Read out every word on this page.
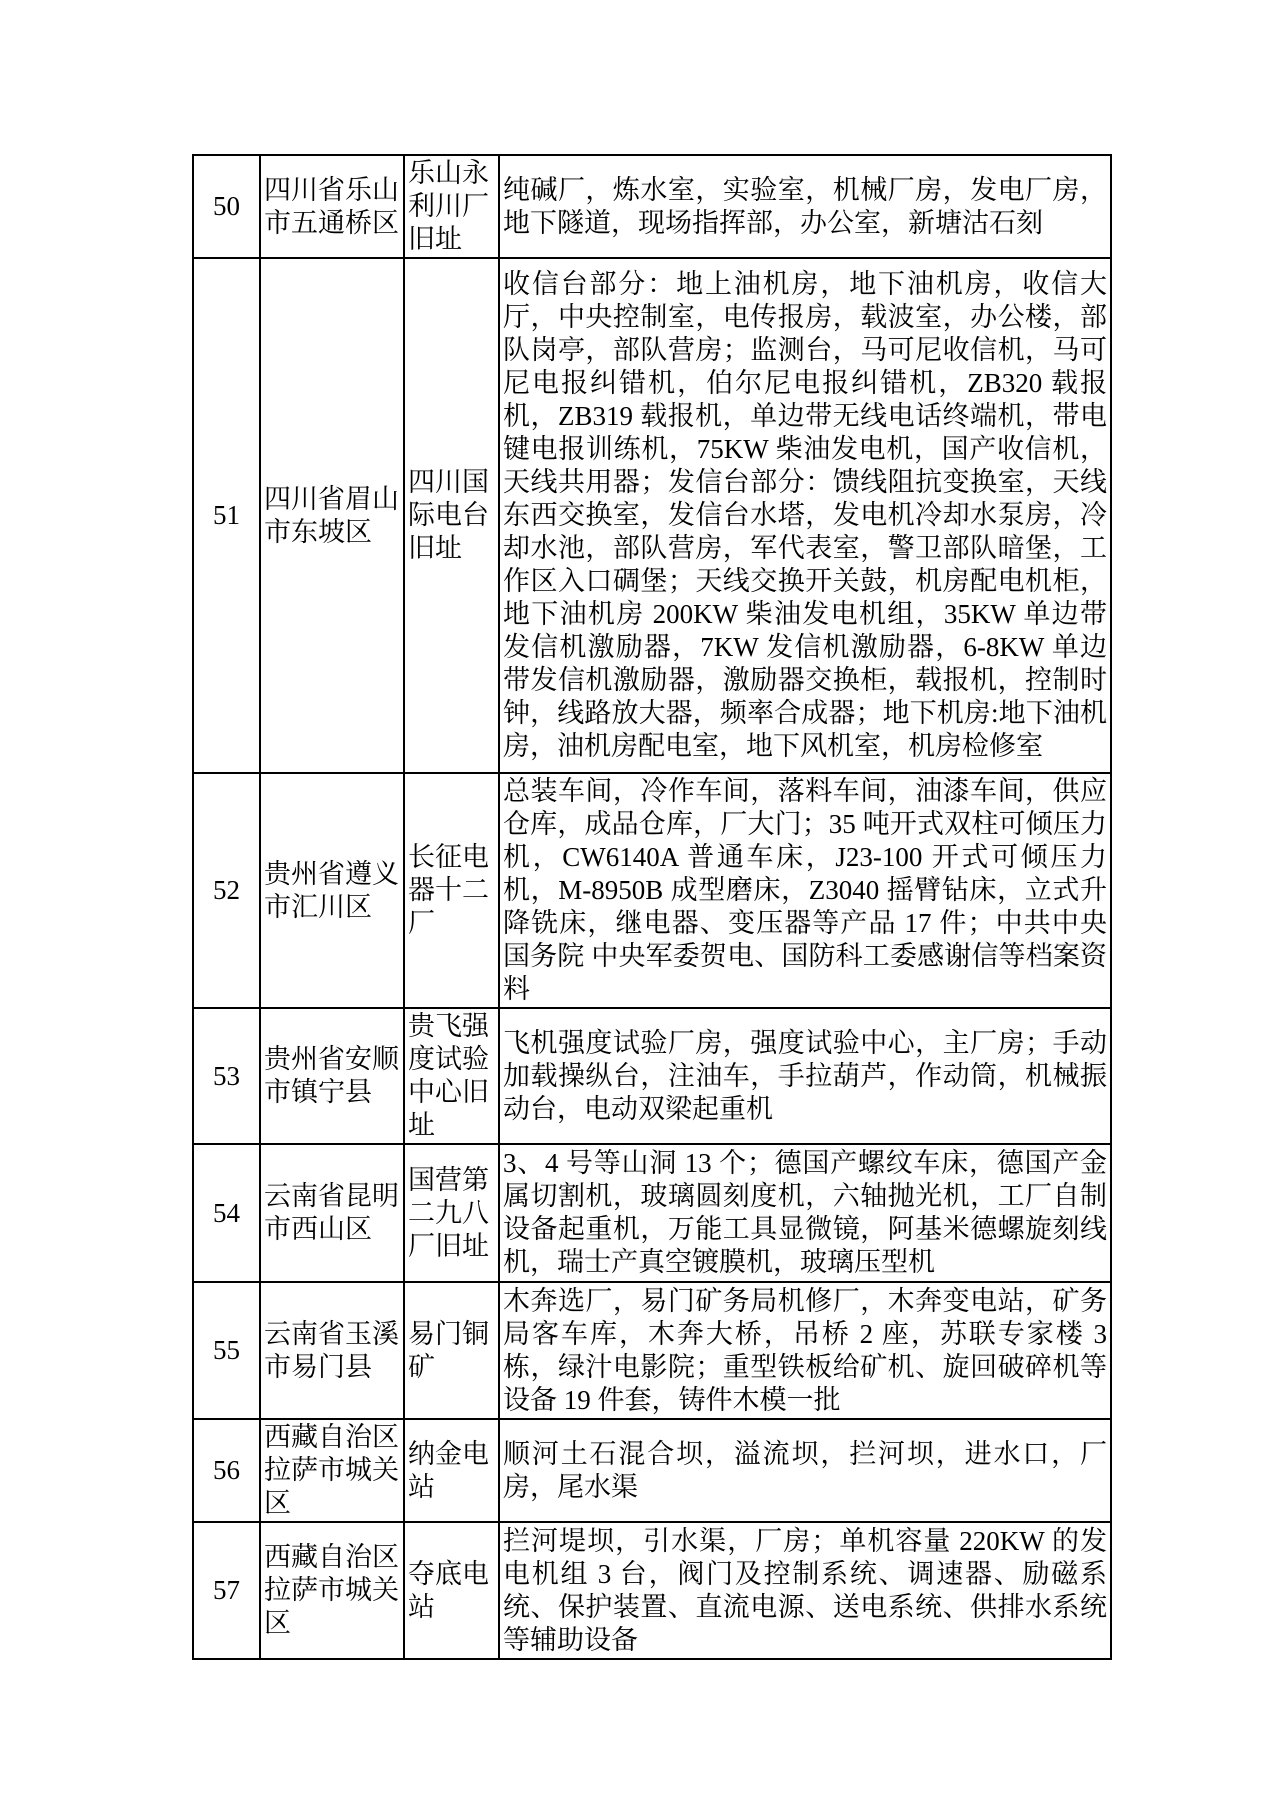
50	四川省乐山市五通桥区	乐山永利川厂旧址	纯碱厂，炼水室，实验室，机械厂房，发电厂房，地下隧道，现场指挥部，办公室，新塘沽石刻
51	四川省眉山市东坡区	四川国际电台旧址	收信台部分：地上油机房，地下油机房，收信大厅，中央控制室，电传报房，载波室，办公楼，部队岗亭，部队营房；监测台，马可尼收信机，马可尼电报纠错机，伯尔尼电报纠错机，ZB320 载报机，ZB319 载报机，单边带无线电话终端机，带电键电报训练机，75KW 柴油发电机，国产收信机，天线共用器；发信台部分：馈线阻抗变换室，天线东西交换室，发信台水塔，发电机冷却水泵房，冷却水池，部队营房，军代表室，警卫部队暗堡，工作区入口碉堡；天线交换开关鼓，机房配电机柜，地下油机房 200KW 柴油发电机组，35KW 单边带发信机激励器，7KW 发信机激励器，6-8KW 单边带发信机激励器，激励器交换柜，载报机，控制时钟，线路放大器，频率合成器；地下机房:地下油机房，油机房配电室，地下风机室，机房检修室
52	贵州省遵义市汇川区	长征电器十二厂	总装车间，冷作车间，落料车间，油漆车间，供应仓库，成品仓库，厂大门；35 吨开式双柱可倾压力机，CW6140A 普通车床，J23-100 开式可倾压力机，M-8950B 成型磨床，Z3040 摇臂钻床，立式升降铣床，继电器、变压器等产品 17 件；中共中央 国务院 中央军委贺电、国防科工委感谢信等档案资料
53	贵州省安顺市镇宁县	贵飞强度试验中心旧址	飞机强度试验厂房，强度试验中心，主厂房；手动加载操纵台，注油车，手拉葫芦，作动筒，机械振动台，电动双梁起重机
54	云南省昆明市西山区	国营第二九八厂旧址	3、4 号等山洞 13 个；德国产螺纹车床，德国产金属切割机，玻璃圆刻度机，六轴抛光机，工厂自制设备起重机，万能工具显微镜，阿基米德螺旋刻线机，瑞士产真空镀膜机，玻璃压型机
55	云南省玉溪市易门县	易门铜矿	木奔选厂，易门矿务局机修厂，木奔变电站，矿务局客车库，木奔大桥，吊桥 2 座，苏联专家楼 3 栋，绿汁电影院；重型铁板给矿机、旋回破碎机等设备 19 件套，铸件木模一批
56	西藏自治区拉萨市城关区	纳金电站	顺河土石混合坝，溢流坝，拦河坝，进水口，厂房，尾水渠
57	西藏自治区拉萨市城关区	夺底电站	拦河堤坝，引水渠，厂房；单机容量 220KW 的发电机组 3 台，阀门及控制系统、调速器、励磁系统、保护装置、直流电源、送电系统、供排水系统等辅助设备
